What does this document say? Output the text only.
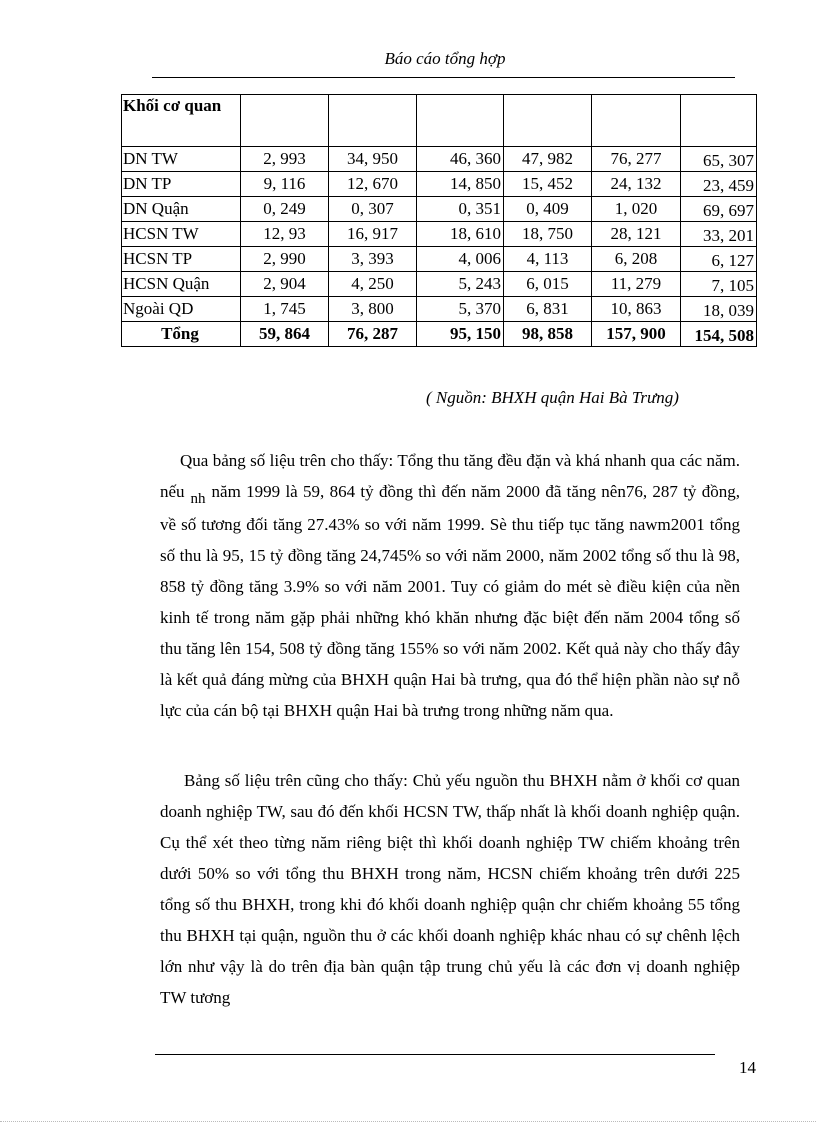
Báo cáo tổng hợp
Khối cơ quan						
DN TW	2, 993	34, 950	46, 360	47, 982	76, 277	65, 307
DN TP	9, 116	12, 670	14, 850	15, 452	24, 132	23, 459
DN Quận	0, 249	0, 307	0, 351	0, 409	1, 020	69, 697
HCSN TW	12, 93	16, 917	18, 610	18, 750	28, 121	33, 201
HCSN TP	2, 990	3, 393	4, 006	4, 113	6, 208	6, 127
HCSN Quận	2, 904	4, 250	5, 243	6, 015	11, 279	7, 105
Ngoài QD	1, 745	3, 800	5, 370	6, 831	10, 863	18, 039
Tổng	59, 864	76, 287	95, 150	98, 858	157, 900	154, 508
( Nguồn: BHXH quận Hai Bà Trưng)

Qua bảng số liệu trên cho thấy: Tổng thu tăng đều đặn và khá nhanh qua các năm. nếu nh năm 1999 là 59, 864 tỷ đồng thì đến năm 2000 đã tăng nên76, 287 tỷ đồng, về số tương đối tăng 27.43% so với năm 1999. Sè thu tiếp tục tăng nawm2001 tổng số thu là 95, 15 tỷ đồng tăng 24,745% so với năm 2000, năm 2002 tổng số thu là 98, 858 tỷ đồng tăng 3.9% so với năm 2001. Tuy có giảm do mét sè điều kiện của nền kinh tế trong năm gặp phải những khó khăn nhưng đặc biệt đến năm 2004 tổng số thu tăng lên 154, 508 tỷ đồng tăng 155% so với năm 2002. Kết quả này cho thấy đây là kết quả đáng mừng của BHXH quận Hai bà trưng, qua đó thể hiện phần nào sự nỗ lực của cán bộ tại BHXH quận Hai bà trưng trong những năm qua.

Bảng số liệu trên cũng cho thấy: Chủ yếu nguồn thu BHXH nằm ở khối cơ quan doanh nghiệp TW, sau đó đến khối HCSN TW, thấp nhất là khối doanh nghiệp quận. Cụ thể xét theo từng năm riêng biệt thì khối doanh nghiệp TW chiếm khoảng trên dưới 50% so với tổng thu BHXH trong năm, HCSN chiếm khoảng trên dưới 225 tổng số thu BHXH, trong khi đó khối doanh nghiệp quận chr chiếm khoảng 55 tổng thu BHXH tại quận, nguồn thu ở các khối doanh nghiệp khác nhau có sự chênh lệch lớn như vậy là do trên địa bàn quận tập trung chủ yếu là các đơn vị doanh nghiệp TW tương

14
